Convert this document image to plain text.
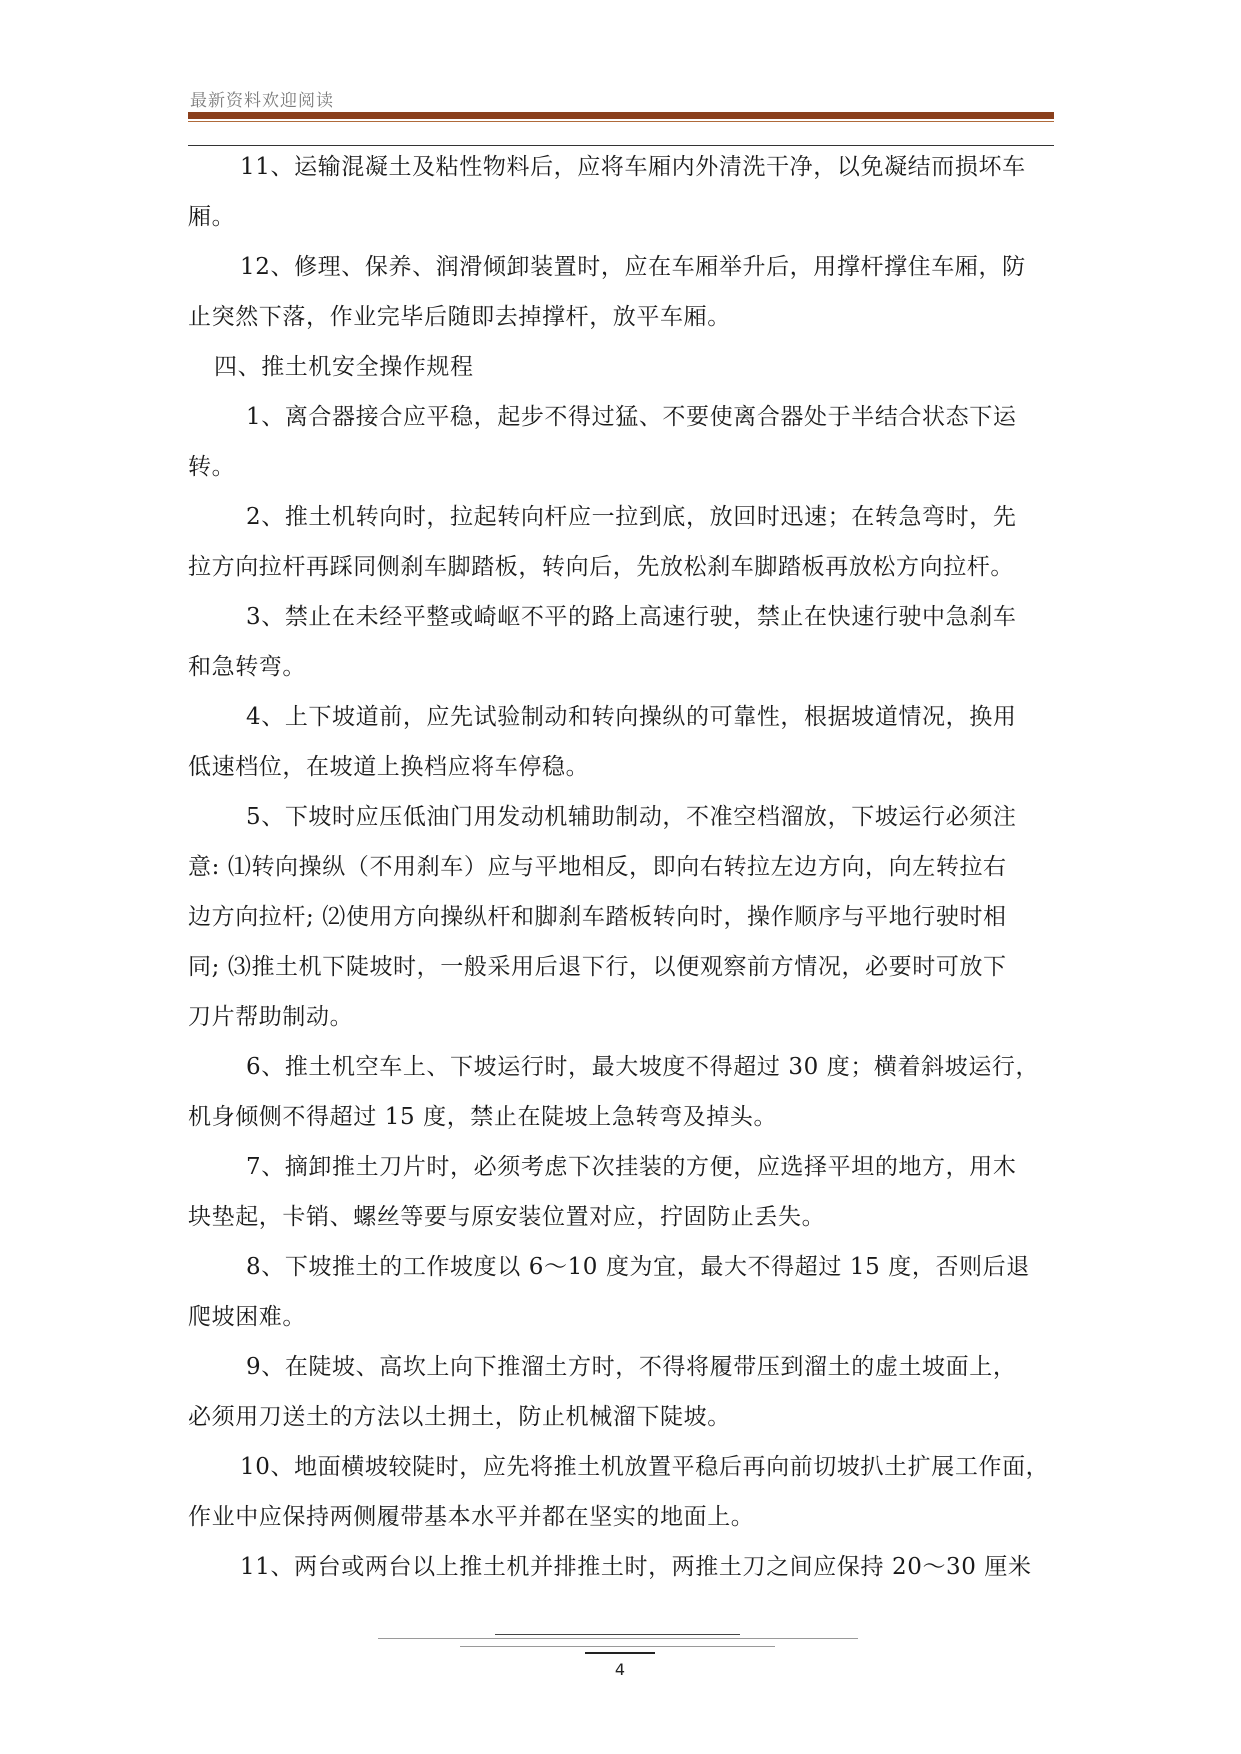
最新资料欢迎阅读
11、运输混凝土及粘性物料后，应将车厢内外清洗干净，以免凝结而损坏车
厢。
12、修理、保养、润滑倾卸装置时，应在车厢举升后，用撑杆撑住车厢，防
止突然下落，作业完毕后随即去掉撑杆，放平车厢。
四、推土机安全操作规程
1、离合器接合应平稳，起步不得过猛、不要使离合器处于半结合状态下运
转。
2、推土机转向时，拉起转向杆应一拉到底，放回时迅速；在转急弯时，先
拉方向拉杆再踩同侧刹车脚踏板，转向后，先放松刹车脚踏板再放松方向拉杆。
3、禁止在未经平整或崎岖不平的路上高速行驶，禁止在快速行驶中急刹车
和急转弯。
4、上下坡道前，应先试验制动和转向操纵的可靠性，根据坡道情况，换用
低速档位，在坡道上换档应将车停稳。
5、下坡时应压低油门用发动机辅助制动，不准空档溜放，下坡运行必须注
意: ⑴转向操纵（不用刹车）应与平地相反，即向右转拉左边方向，向左转拉右
边方向拉杆; ⑵使用方向操纵杆和脚刹车踏板转向时，操作顺序与平地行驶时相
同; ⑶推土机下陡坡时，一般采用后退下行，以便观察前方情况，必要时可放下
刀片帮助制动。
6、推土机空车上、下坡运行时，最大坡度不得超过 30 度；横着斜坡运行，
机身倾侧不得超过 15 度，禁止在陡坡上急转弯及掉头。
7、摘卸推土刀片时，必须考虑下次挂装的方便，应选择平坦的地方，用木
块垫起，卡销、螺丝等要与原安装位置对应，拧固防止丢失。
8、下坡推土的工作坡度以 6～10 度为宜，最大不得超过 15 度，否则后退
爬坡困难。
9、在陡坡、高坎上向下推溜土方时，不得将履带压到溜土的虚土坡面上，
必须用刀送土的方法以土拥土，防止机械溜下陡坡。
10、地面横坡较陡时，应先将推土机放置平稳后再向前切坡扒土扩展工作面，
作业中应保持两侧履带基本水平并都在坚实的地面上。
11、两台或两台以上推土机并排推土时，两推土刀之间应保持 20～30 厘米
4
